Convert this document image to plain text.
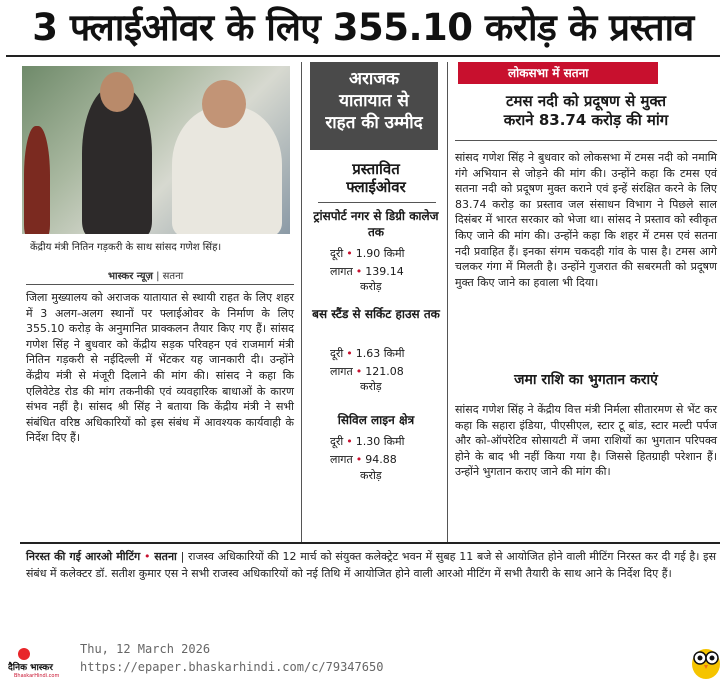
3 फ्लाईओवर के लिए 355.10 करोड़ के प्रस्ताव
केंद्रीय मंत्री नितिन गड़करी के साथ सांसद गणेश सिंह।
भास्कर न्यूज़ | सतना
जिला मुख्यालय को अराजक यातायात से स्थायी राहत के लिए शहर में 3 अलग-अलग स्थानों पर फ्लाईओवर के निर्माण के लिए 355.10 करोड़ के अनुमानित प्राक्कलन तैयार किए गए हैं। सांसद गणेश सिंह ने बुधवार को केंद्रीय सड़क परिवहन एवं राजमार्ग मंत्री नितिन गड़करी से नईदिल्ली में भेंटकर यह जानकारी दी। उन्होंने केंद्रीय मंत्री से मंजूरी दिलाने की मांग की। सांसद ने कहा कि एलिवेटेड रोड की मांग तकनीकी एवं व्यवहारिक बाधाओं के कारण संभव नहीं है। सांसद श्री सिंह ने बताया कि केंद्रीय मंत्री ने सभी संबंधित वरिष्ठ अधिकारियों को इस संबंध में आवश्यक कार्यवाही के निर्देश दिए हैं।
अराजक
यातायात से
राहत की उम्मीद
प्रस्तावित
फ्लाईओवर
ट्रांसपोर्ट नगर से डिग्री कालेज तक
दूरी • 1.90 किमी
लागत • 139.14
करोड़
बस स्टैंड से सर्किट हाउस तक
दूरी • 1.63 किमी
लागत • 121.08
करोड़
सिविल लाइन क्षेत्र
दूरी • 1.30 किमी
लागत • 94.88
करोड़
लोकसभा में सतना
टमस नदी को प्रदूषण से मुक्त
कराने 83.74 करोड़ की मांग
सांसद गणेश सिंह ने बुधवार को लोकसभा में टमस नदी को नमामि गंगे अभियान से जोड़ने की मांग की। उन्होंने कहा कि टमस एवं सतना नदी को प्रदूषण मुक्त कराने एवं इन्हें संरक्षित करने के लिए 83.74 करोड़ का प्रस्ताव जल संसाधन विभाग ने पिछले साल दिसंबर में भारत सरकार को भेजा था। सांसद ने प्रस्ताव को स्वीकृत किए जाने की मांग की। उन्होंने कहा कि शहर में टमस एवं सतना नदी प्रवाहित हैं। इनका संगम चकदही गांव के पास है। टमस आगे चलकर गंगा में मिलती है। उन्होंने गुजरात की सबरमती को प्रदूषण मुक्त किए जाने का हवाला भी दिया।
जमा राशि का भुगतान कराएं
सांसद गणेश सिंह ने केंद्रीय वित्त मंत्री निर्मला सीतारमण से भेंट कर कहा कि सहारा इंडिया, पीएसीएल, स्टार टू बांड, स्टार मल्टी पर्पज और को-ऑपरेटिव सोसायटी में जमा राशियों का भुगतान परिपक्व होने के बाद भी नहीं किया गया है। जिससे हितग्राही परेशान हैं। उन्होंने भुगतान कराए जाने की मांग की।
निरस्त की गई आरओ मीटिंग • सतना | राजस्व अधिकारियों की 12 मार्च को संयुक्त कलेक्ट्रेट भवन में सुबह 11 बजे से आयोजित होने वाली मीटिंग निरस्त कर दी गई है। इस संबंध में कलेक्टर डॉ. सतीश कुमार एस ने सभी राजस्व अधिकारियों को नई तिथि में आयोजित होने वाली आरओ मीटिंग में सभी तैयारी के साथ आने के निर्देश दिए हैं।
दैनिक भास्कर
BhaskarHindi.com
Thu, 12 March 2026
https://epaper.bhaskarhindi.com/c/79347650
